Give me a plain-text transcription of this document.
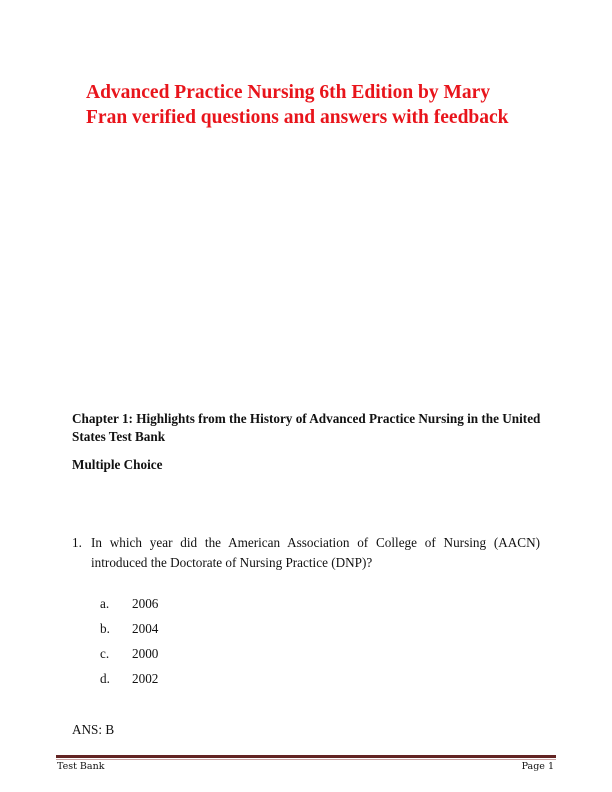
Advanced Practice Nursing 6th Edition by Mary
Fran verified questions and answers with feedback

Chapter 1: Highlights from the History of Advanced Practice Nursing in the United States Test Bank

Multiple Choice

1. In which year did the American Association of College of Nursing (AACN) introduced the Doctorate of Nursing Practice (DNP)?
a.	2006
b.	2004
c.	2000
d.	2002
ANS: B
Test Bank	Page 1
